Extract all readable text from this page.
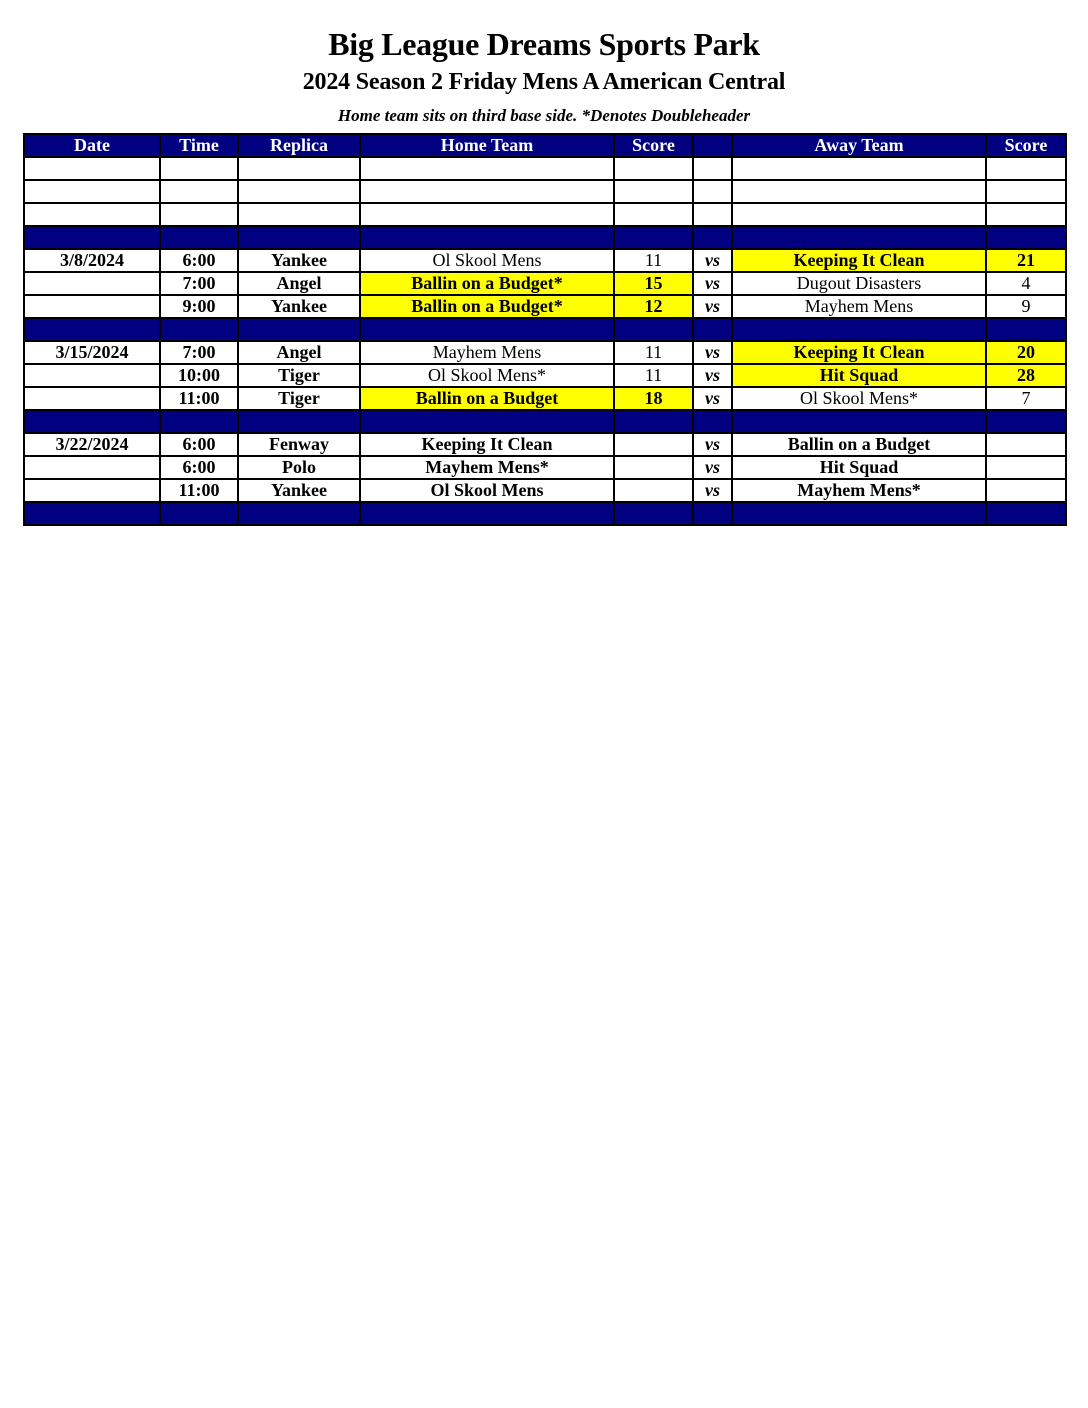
Big League Dreams Sports Park
2024 Season 2 Friday Mens A American Central
Home team sits on third base side. *Denotes Doubleheader
Date	Time	Replica	Home Team	Score		Away Team	Score

3/8/2024	6:00	Yankee	Ol Skool Mens	11	vs	Keeping It Clean	21
	7:00	Angel	Ballin on a Budget*	15	vs	Dugout Disasters	4
	9:00	Yankee	Ballin on a Budget*	12	vs	Mayhem Mens	9

3/15/2024	7:00	Angel	Mayhem Mens	11	vs	Keeping It Clean	20
	10:00	Tiger	Ol Skool Mens*	11	vs	Hit Squad	28
	11:00	Tiger	Ballin on a Budget	18	vs	Ol Skool Mens*	7

3/22/2024	6:00	Fenway	Keeping It Clean		vs	Ballin on a Budget	
	6:00	Polo	Mayhem Mens*		vs	Hit Squad	
	11:00	Yankee	Ol Skool Mens		vs	Mayhem Mens*	
